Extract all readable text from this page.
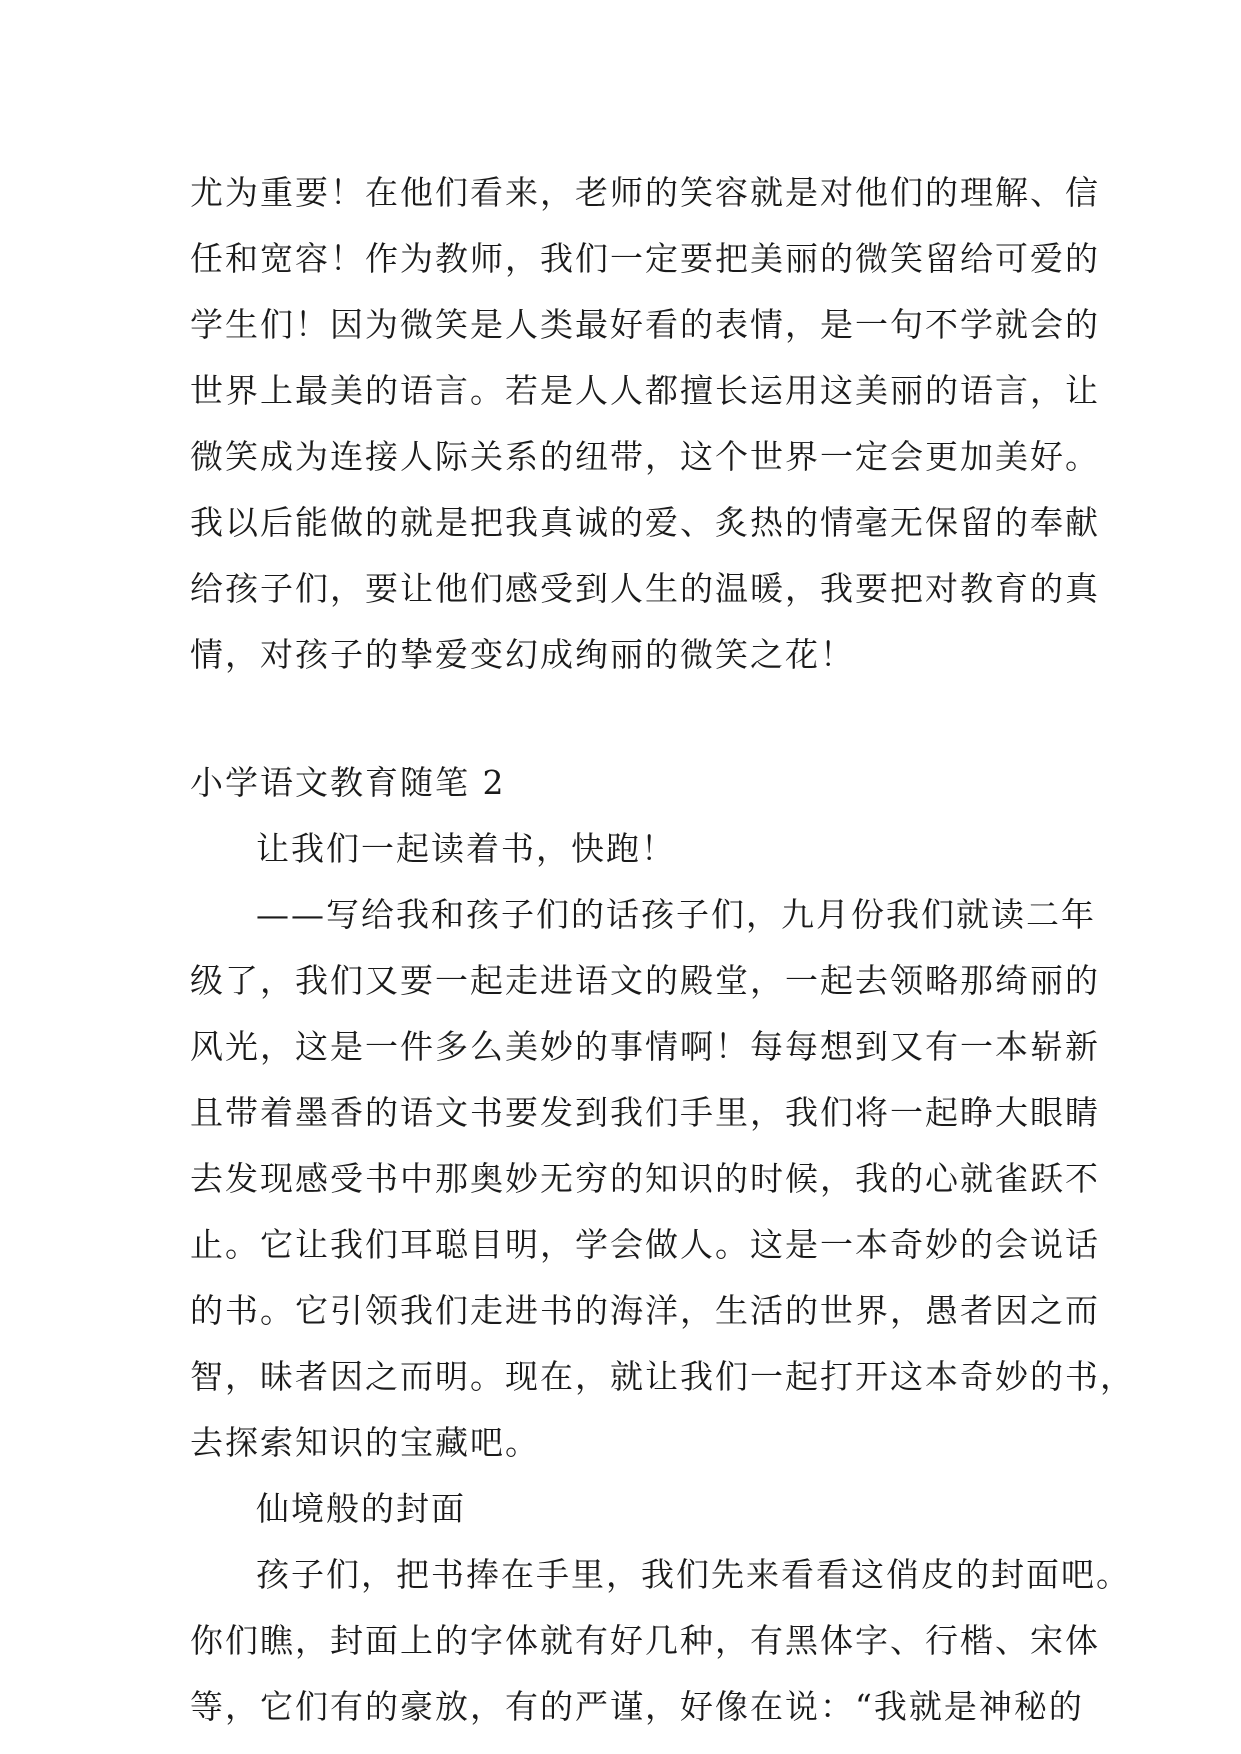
尤为重要！在他们看来，老师的笑容就是对他们的理解、信
任和宽容！作为教师，我们一定要把美丽的微笑留给可爱的
学生们！因为微笑是人类最好看的表情，是一句不学就会的
世界上最美的语言。若是人人都擅长运用这美丽的语言，让
微笑成为连接人际关系的纽带，这个世界一定会更加美好。
我以后能做的就是把我真诚的爱、炙热的情毫无保留的奉献
给孩子们，要让他们感受到人生的温暖，我要把对教育的真
情，对孩子的挚爱变幻成绚丽的微笑之花！
小学语文教育随笔 2
让我们一起读着书，快跑！
——写给我和孩子们的话孩子们，九月份我们就读二年
级了，我们又要一起走进语文的殿堂，一起去领略那绮丽的
风光，这是一件多么美妙的事情啊！每每想到又有一本崭新
且带着墨香的语文书要发到我们手里，我们将一起睁大眼睛
去发现感受书中那奥妙无穷的知识的时候，我的心就雀跃不
止。它让我们耳聪目明，学会做人。这是一本奇妙的会说话
的书。它引领我们走进书的海洋，生活的世界，愚者因之而
智，昧者因之而明。现在，就让我们一起打开这本奇妙的书，
去探索知识的宝藏吧。
仙境般的封面
孩子们，把书捧在手里，我们先来看看这俏皮的封面吧。
你们瞧，封面上的字体就有好几种，有黑体字、行楷、宋体
等，它们有的豪放，有的严谨，好像在说：“我就是神秘的
